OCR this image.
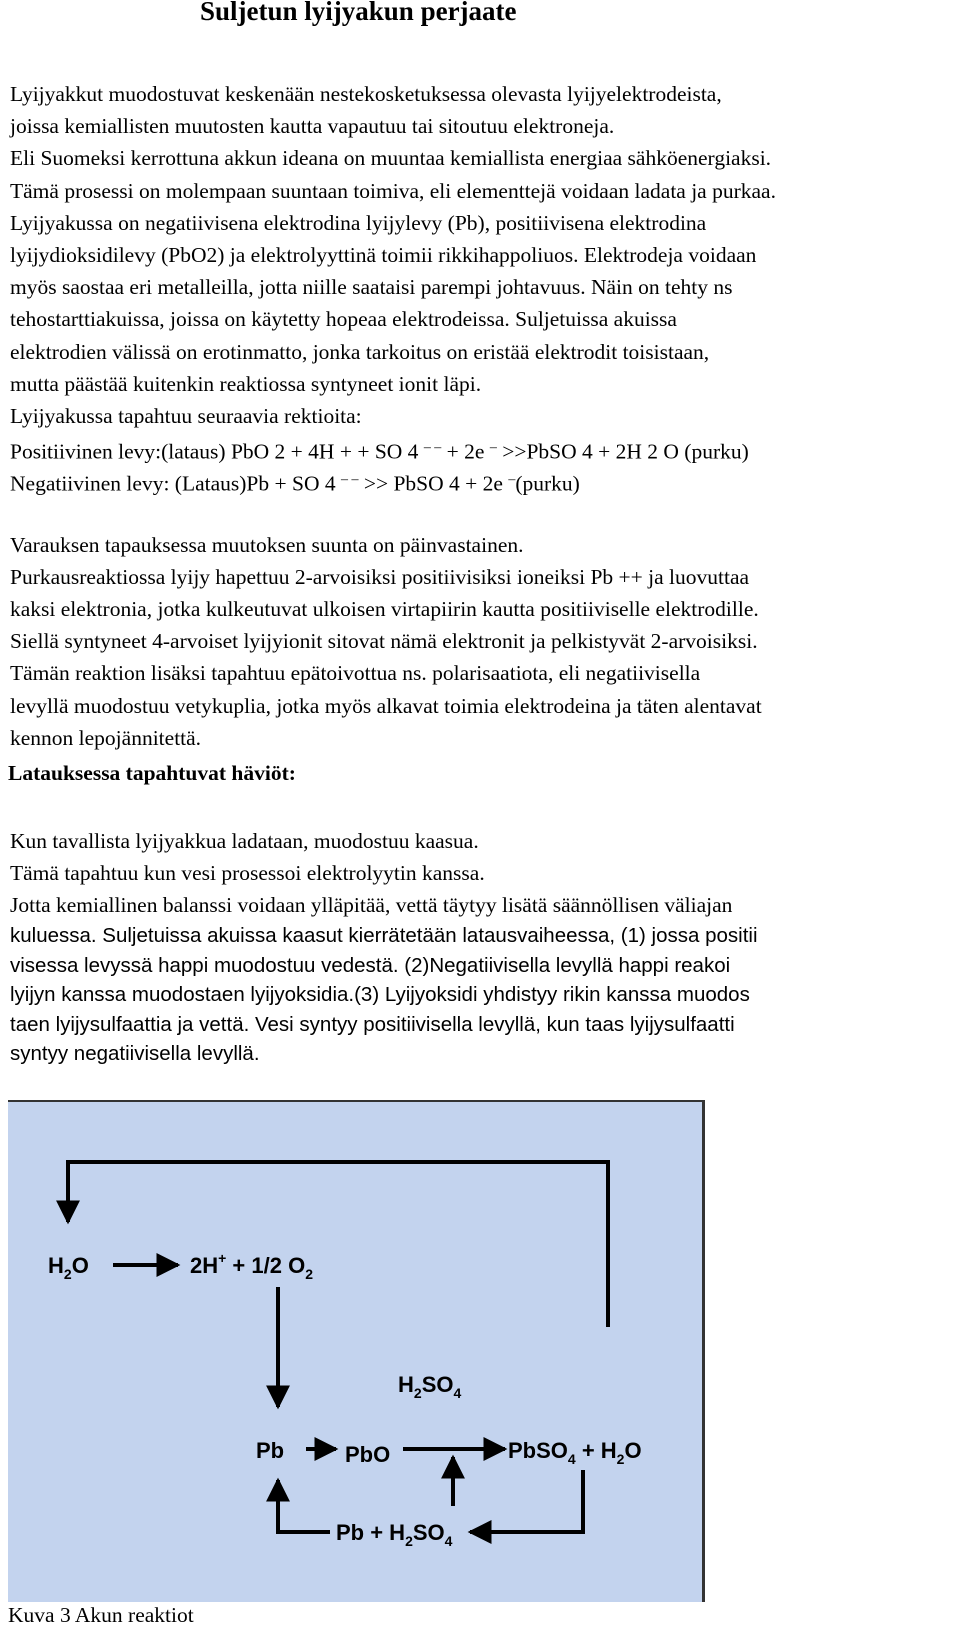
Suljetun lyijyakun perjaate
Lyijyakkut muodostuvat keskenään nestekosketuksessa olevasta lyijyelektrodeista,
joissa kemiallisten muutosten kautta vapautuu tai sitoutuu elektroneja.
Eli Suomeksi kerrottuna akkun ideana on muuntaa kemiallista energiaa sähköenergiaksi.
Tämä prosessi on molempaan suuntaan toimiva, eli elementtejä voidaan ladata ja purkaa.
Lyijyakussa on negatiivisena elektrodina lyijylevy (Pb), positiivisena elektrodina
lyijydioksidilevy (PbO2) ja elektrolyyttinä toimii rikkihappoliuos. Elektrodeja voidaan
myös saostaa eri metalleilla, jotta niille saataisi parempi johtavuus. Näin on tehty ns
tehostarttiakuissa, joissa on käytetty hopeaa elektrodeissa. Suljetuissa akuissa
elektrodien välissä on erotinmatto, jonka tarkoitus on eristää elektrodit toisistaan,
mutta päästää kuitenkin reaktiossa syntyneet ionit läpi.
Lyijyakussa tapahtuu seuraavia rektioita:
Positiivinen levy:(lataus) PbO 2 + 4H + + SO 4 – – + 2e – >>PbSO 4 + 2H 2 O (purku)
Negatiivinen levy: (Lataus)Pb + SO 4 – – >> PbSO 4 + 2e –(purku)
Varauksen tapauksessa muutoksen suunta on päinvastainen.
Purkausreaktiossa lyijy hapettuu 2-arvoisiksi positiivisiksi ioneiksi Pb ++ ja luovuttaa
kaksi elektronia, jotka kulkeutuvat ulkoisen virtapiirin kautta positiiviselle elektrodille.
Siellä syntyneet 4-arvoiset lyijyionit sitovat nämä elektronit ja pelkistyvät 2-arvoisiksi.
Tämän reaktion lisäksi tapahtuu epätoivottua ns. polarisaatiota, eli negatiivisella
levyllä muodostuu vetykuplia, jotka myös alkavat toimia elektrodeina ja täten alentavat
kennon lepojännitettä.
Latauksessa tapahtuvat häviöt:
Kun tavallista lyijyakkua ladataan, muodostuu kaasua.
Tämä tapahtuu kun vesi prosessoi elektrolyytin kanssa.
Jotta kemiallinen balanssi voidaan ylläpitää, vettä täytyy lisätä säännöllisen väliajan
kuluessa. Suljetuissa akuissa kaasut kierrätetään latausvaiheessa, (1) jossa positii
visessa levyssä happi muodostuu vedestä. (2)Negatiivisella levyllä happi reakoi
lyijyn kanssa muodostaen lyijyoksidia.(3) Lyijyoksidi yhdistyy rikin kanssa muodos
taen lyijysulfaattia ja vettä. Vesi syntyy positiivisella levyllä, kun taas lyijysulfaatti
syntyy negatiivisella levyllä.
$H_2O$	2H+ + 1/2 $O_2$
$H_2SO_4$
Pb	PbO	PbSO$_4$ + $H_2O$
$Pb + H_2SO_4$
Kuva 3 Akun reaktiot
